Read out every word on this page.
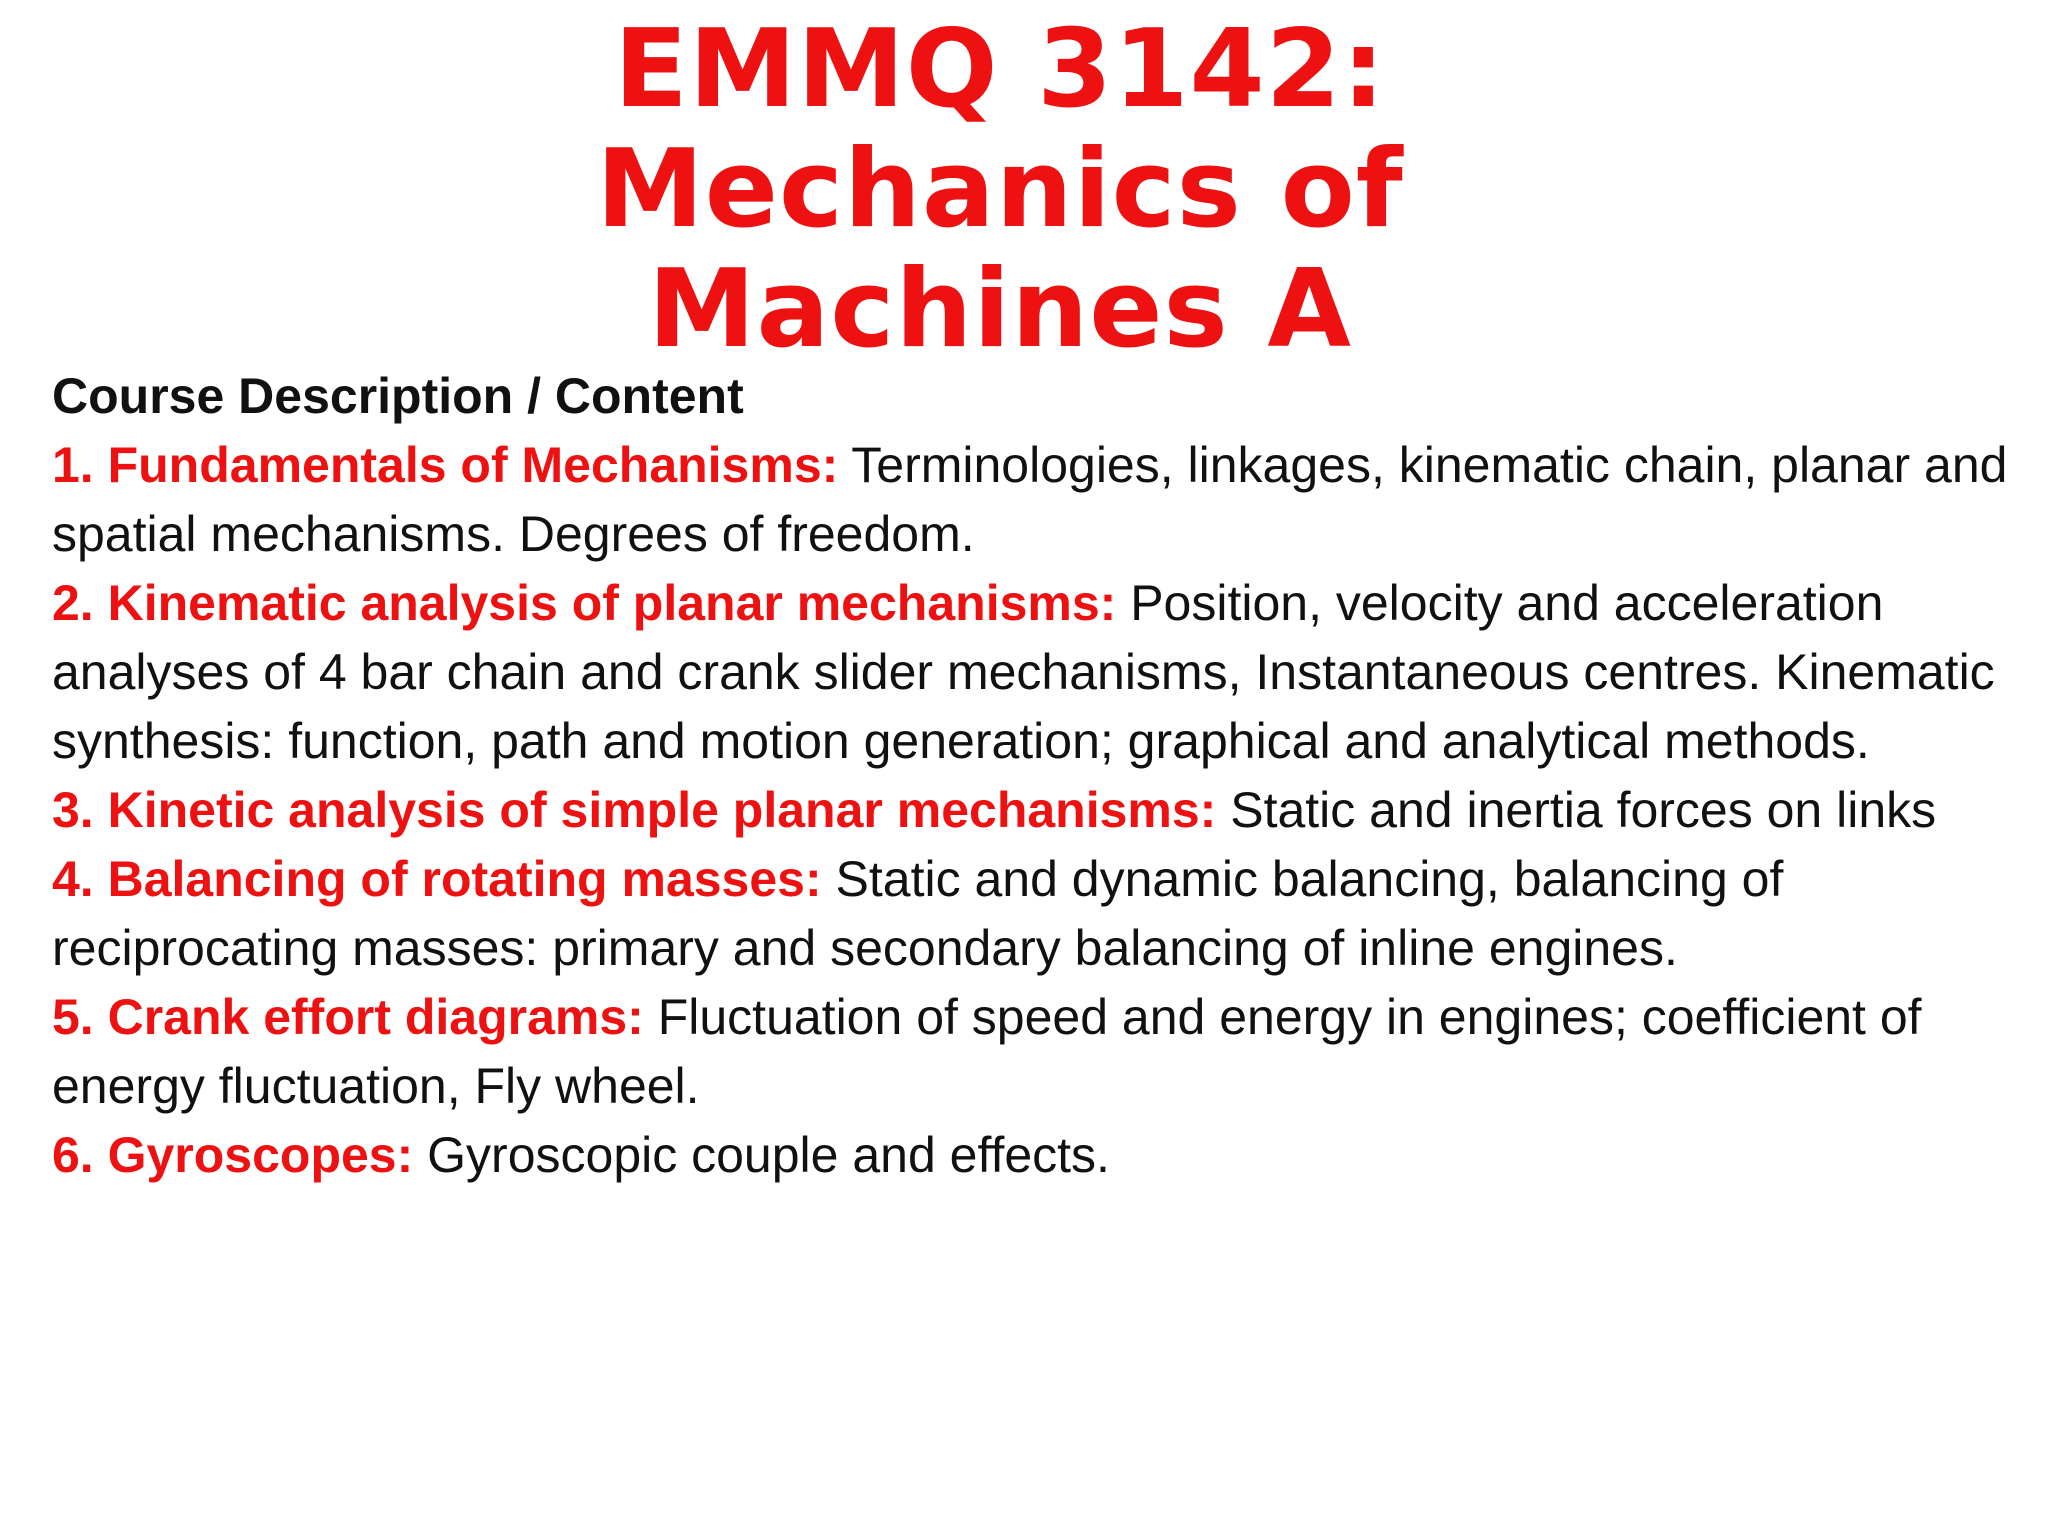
EMMQ 3142: Mechanics of
Machines A

Course Description / Content

1. Fundamentals of Mechanisms: Terminologies, linkages, kinematic chain, planar and spatial mechanisms. Degrees of freedom.

2. Kinematic analysis of planar mechanisms: Position, velocity and acceleration analyses of 4 bar chain and crank slider mechanisms, Instantaneous centres. Kinematic synthesis: function, path and motion generation; graphical and analytical methods.

3. Kinetic analysis of simple planar mechanisms: Static and inertia forces on links

4. Balancing of rotating masses: Static and dynamic balancing, balancing of reciprocating masses: primary and secondary balancing of inline engines.

5. Crank effort diagrams: Fluctuation of speed and energy in engines; coefficient of energy fluctuation, Fly wheel.

6. Gyroscopes: Gyroscopic couple and effects.
